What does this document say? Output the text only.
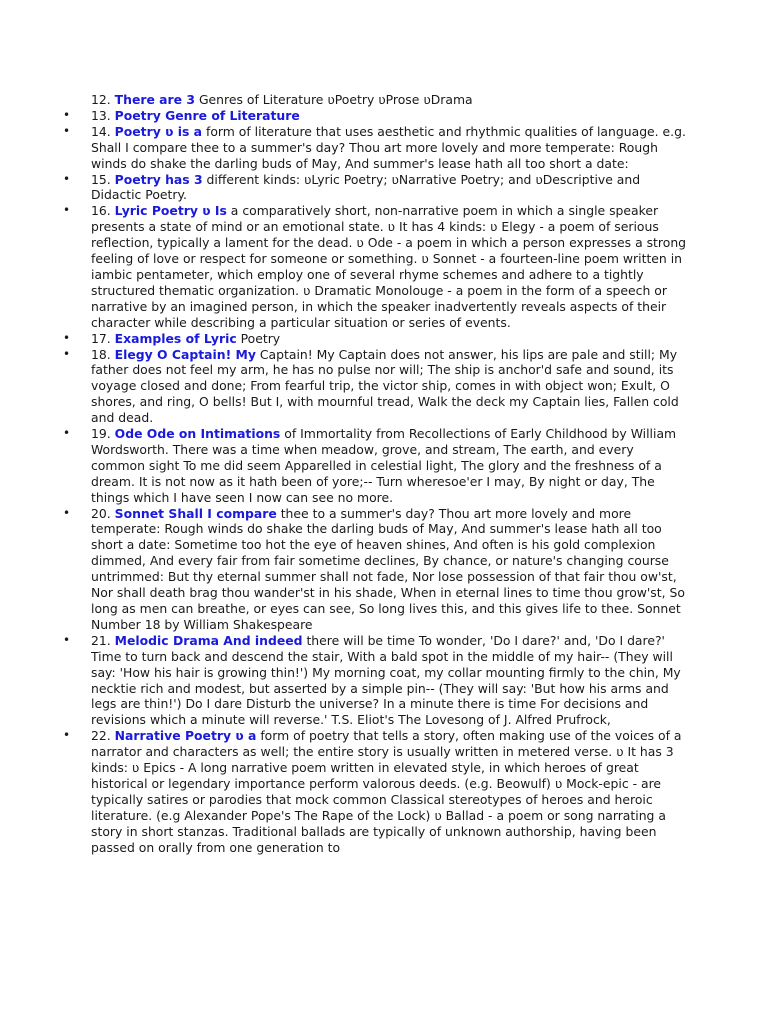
12. There are 3 Genres of Literature ʋPoetry ʋProse ʋDrama
• 13. Poetry Genre of Literature
• 14. Poetry ʋ is a form of literature that uses aesthetic and rhythmic qualities of language. e.g. Shall I compare thee to a summer's day? Thou art more lovely and more temperate: Rough winds do shake the darling buds of May, And summer's lease hath all too short a date:
• 15. Poetry has 3 different kinds: ʋLyric Poetry; ʋNarrative Poetry; and ʋDescriptive and Didactic Poetry.
• 16. Lyric Poetry ʋ Is a comparatively short, non-narrative poem in which a single speaker presents a state of mind or an emotional state. ʋ It has 4 kinds: ʋ Elegy - a poem of serious reflection, typically a lament for the dead. ʋ Ode - a poem in which a person expresses a strong feeling of love or respect for someone or something. ʋ Sonnet - a fourteen-line poem written in iambic pentameter, which employ one of several rhyme schemes and adhere to a tightly structured thematic organization. ʋ Dramatic Monolouge - a poem in the form of a speech or narrative by an imagined person, in which the speaker inadvertently reveals aspects of their character while describing a particular situation or series of events.
• 17. Examples of Lyric Poetry
• 18. Elegy O Captain! My Captain! My Captain does not answer, his lips are pale and still; My father does not feel my arm, he has no pulse nor will; The ship is anchor'd safe and sound, its voyage closed and done; From fearful trip, the victor ship, comes in with object won; Exult, O shores, and ring, O bells! But I, with mournful tread, Walk the deck my Captain lies, Fallen cold and dead.
• 19. Ode Ode on Intimations of Immortality from Recollections of Early Childhood by William Wordsworth. There was a time when meadow, grove, and stream, The earth, and every common sight To me did seem Apparelled in celestial light, The glory and the freshness of a dream. It is not now as it hath been of yore;-- Turn wheresoe'er I may, By night or day, The things which I have seen I now can see no more.
• 20. Sonnet Shall I compare thee to a summer's day? Thou art more lovely and more temperate: Rough winds do shake the darling buds of May, And summer's lease hath all too short a date: Sometime too hot the eye of heaven shines, And often is his gold complexion dimmed, And every fair from fair sometime declines, By chance, or nature's changing course untrimmed: But thy eternal summer shall not fade, Nor lose possession of that fair thou ow'st, Nor shall death brag thou wander'st in his shade, When in eternal lines to time thou grow'st, So long as men can breathe, or eyes can see, So long lives this, and this gives life to thee. Sonnet Number 18 by William Shakespeare
• 21. Melodic Drama And indeed there will be time To wonder, 'Do I dare?' and, 'Do I dare?' Time to turn back and descend the stair, With a bald spot in the middle of my hair-- (They will say: 'How his hair is growing thin!') My morning coat, my collar mounting firmly to the chin, My necktie rich and modest, but asserted by a simple pin-- (They will say: 'But how his arms and legs are thin!') Do I dare Disturb the universe? In a minute there is time For decisions and revisions which a minute will reverse.' T.S. Eliot's The Lovesong of J. Alfred Prufrock,
• 22. Narrative Poetry ʋ a form of poetry that tells a story, often making use of the voices of a narrator and characters as well; the entire story is usually written in metered verse. ʋ It has 3 kinds: ʋ Epics - A long narrative poem written in elevated style, in which heroes of great historical or legendary importance perform valorous deeds. (e.g. Beowulf) ʋ Mock-epic - are typically satires or parodies that mock common Classical stereotypes of heroes and heroic literature. (e.g Alexander Pope's The Rape of the Lock) ʋ Ballad - a poem or song narrating a story in short stanzas. Traditional ballads are typically of unknown authorship, having been passed on orally from one generation to
